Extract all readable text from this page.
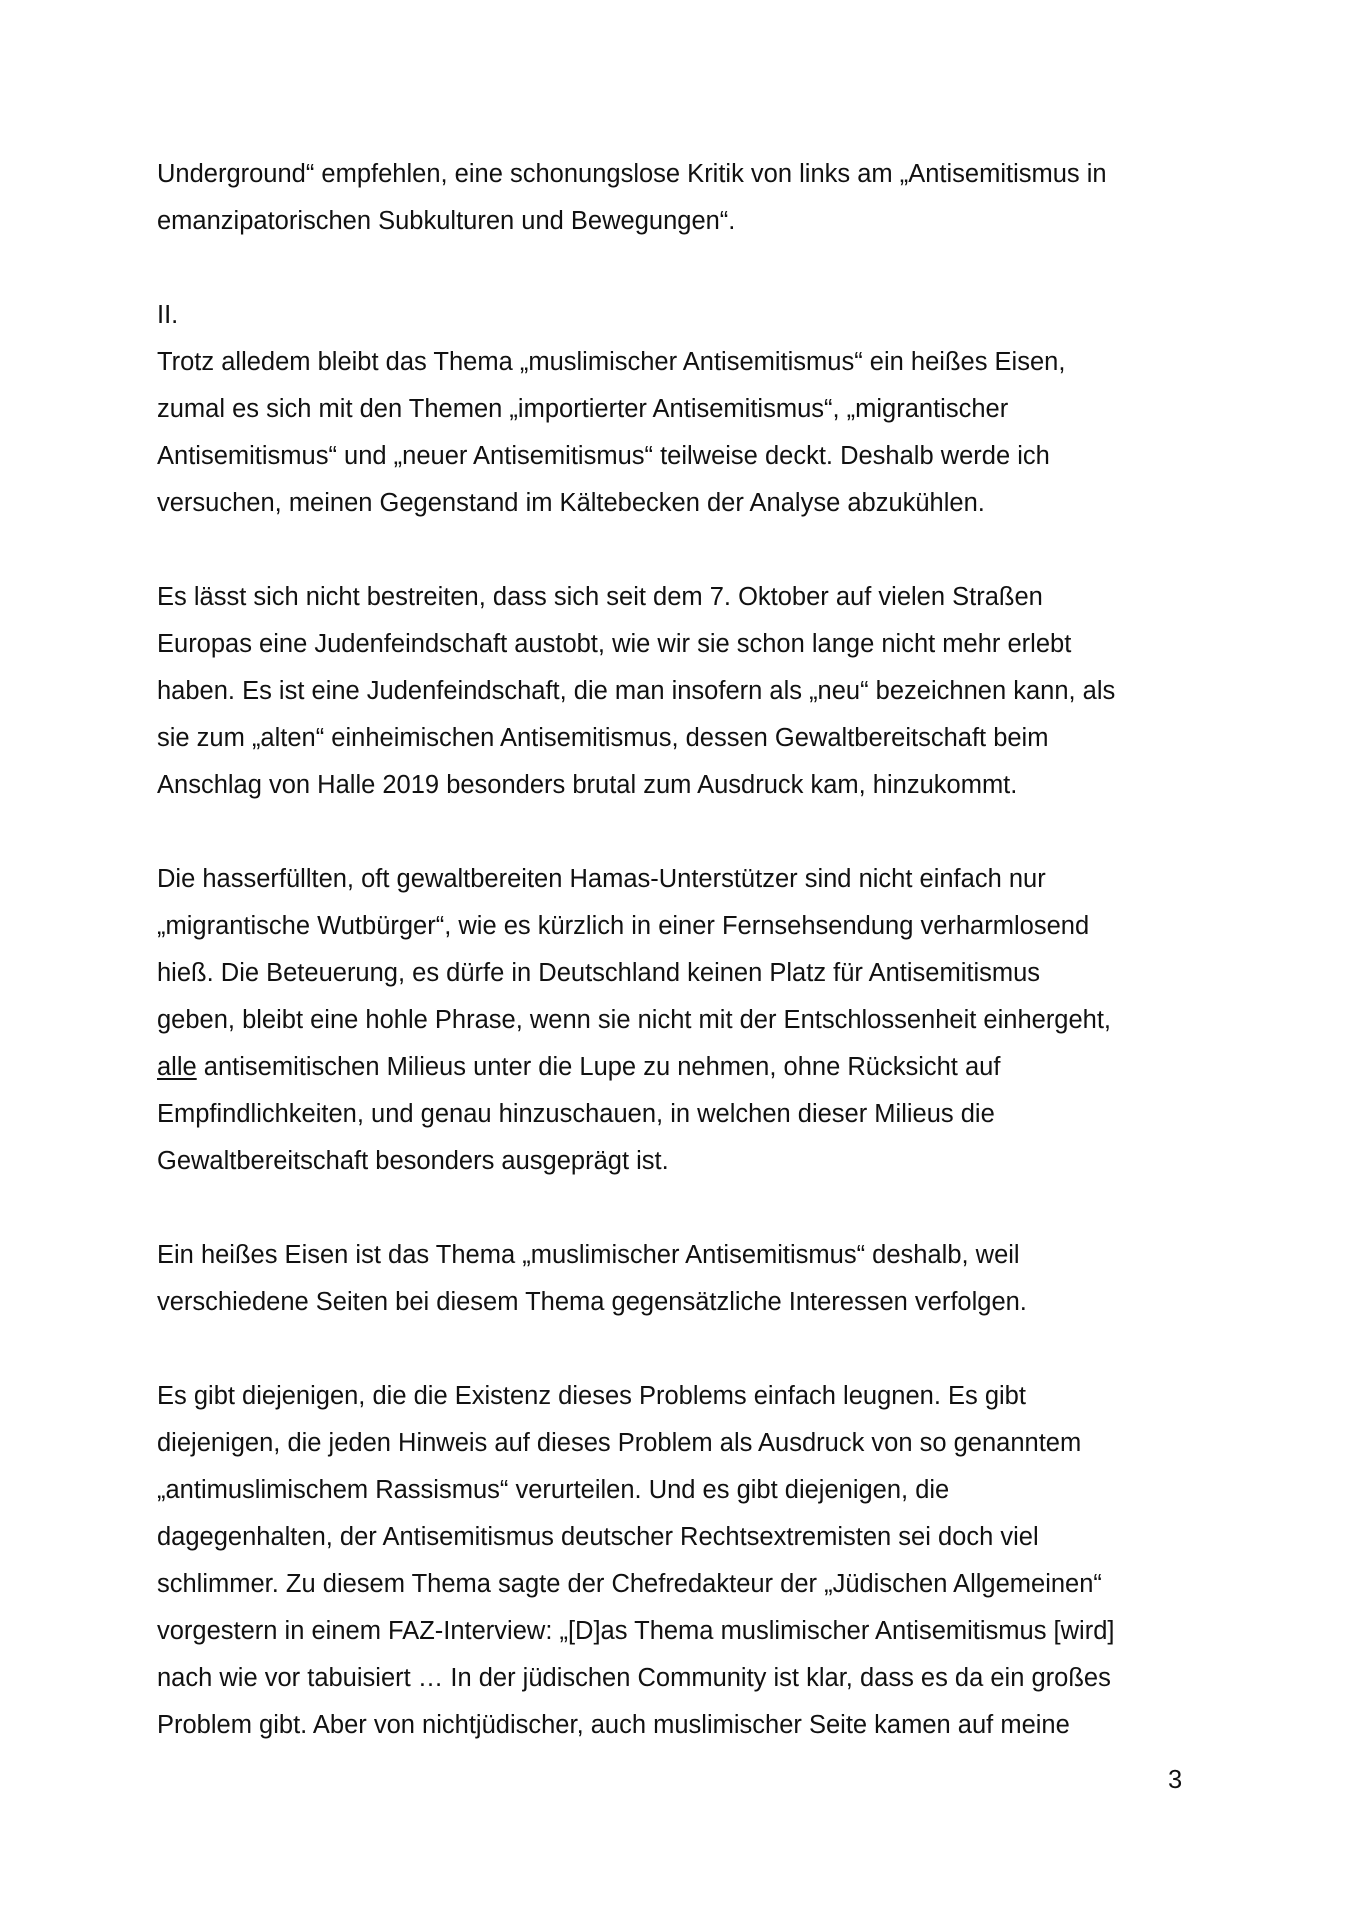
Underground“ empfehlen, eine schonungslose Kritik von links am „Antisemitismus in
emanzipatorischen Subkulturen und Bewegungen“.
II.
Trotz alledem bleibt das Thema „muslimischer Antisemitismus“ ein heißes Eisen,
zumal es sich mit den Themen „importierter Antisemitismus“, „migrantischer
Antisemitismus“ und „neuer Antisemitismus“ teilweise deckt. Deshalb werde ich
versuchen, meinen Gegenstand im Kältebecken der Analyse abzukühlen.
Es lässt sich nicht bestreiten, dass sich seit dem 7. Oktober auf vielen Straßen
Europas eine Judenfeindschaft austobt, wie wir sie schon lange nicht mehr erlebt
haben. Es ist eine Judenfeindschaft, die man insofern als „neu“ bezeichnen kann, als
sie zum „alten“ einheimischen Antisemitismus, dessen Gewaltbereitschaft beim
Anschlag von Halle 2019 besonders brutal zum Ausdruck kam, hinzukommt.
Die hasserfüllten, oft gewaltbereiten Hamas-Unterstützer sind nicht einfach nur
„migrantische Wutbürger“, wie es kürzlich in einer Fernsehsendung verharmlosend
hieß. Die Beteuerung, es dürfe in Deutschland keinen Platz für Antisemitismus
geben, bleibt eine hohle Phrase, wenn sie nicht mit der Entschlossenheit einhergeht,
alle antisemitischen Milieus unter die Lupe zu nehmen, ohne Rücksicht auf
Empfindlichkeiten, und genau hinzuschauen, in welchen dieser Milieus die
Gewaltbereitschaft besonders ausgeprägt ist.
Ein heißes Eisen ist das Thema „muslimischer Antisemitismus“ deshalb, weil
verschiedene Seiten bei diesem Thema gegensätzliche Interessen verfolgen.
Es gibt diejenigen, die die Existenz dieses Problems einfach leugnen. Es gibt
diejenigen, die jeden Hinweis auf dieses Problem als Ausdruck von so genanntem
„antimuslimischem Rassismus“ verurteilen. Und es gibt diejenigen, die
dagegenhalten, der Antisemitismus deutscher Rechtsextremisten sei doch viel
schlimmer. Zu diesem Thema sagte der Chefredakteur der „Jüdischen Allgemeinen“
vorgestern in einem FAZ-Interview: „[D]as Thema muslimischer Antisemitismus [wird]
nach wie vor tabuisiert … In der jüdischen Community ist klar, dass es da ein großes
Problem gibt. Aber von nichtjüdischer, auch muslimischer Seite kamen auf meine
3
